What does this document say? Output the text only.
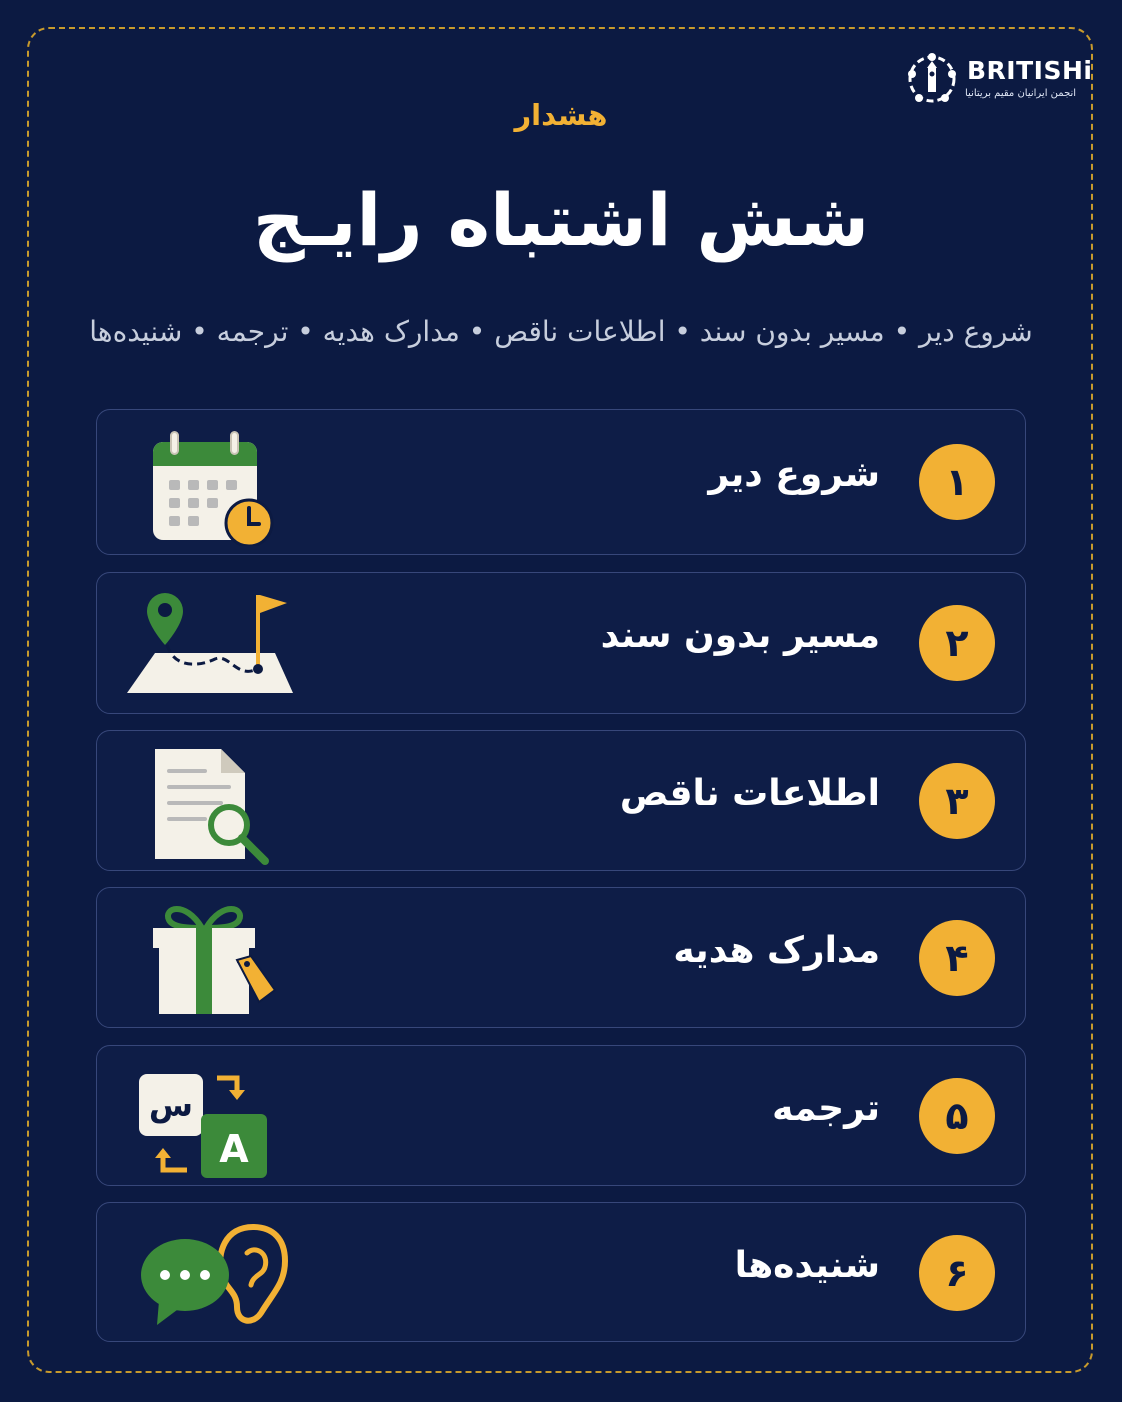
BRITISHi
انجمن ایرانیان مقیم بریتانیا
هشدار
شش اشتباه رایـج
شروع دیر • مسیر بدون سند • اطلاعات ناقص • مدارک هدیه • ترجمه • شنیده‌ها
۱
شروع دیر
۲
مسیر بدون سند
۳
اطلاعات ناقص
۴
مدارک هدیه
۵
ترجمه
س
A
۶
شنیده‌ها
